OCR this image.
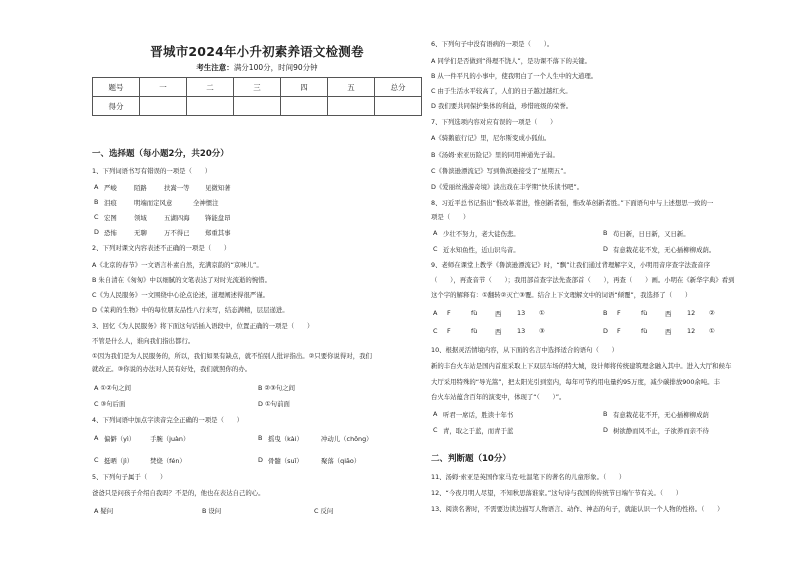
晋城市2024年小升初素养语文检测卷
考生注意：满分100分，时间90分钟
题号	一	二	三	四	五	总分
得分						
一、选择题（每小题2分，共20分）
1、下列词语书写有错误的一项是（　　）
A 严峻	陌路	扶嵩一等 见微知著
B 泪痕	明端而定风意	全神惯注
C 宏图	领域	五湖四海 锋能盘昂
D 恐怖	无聊	万不得已 郑重其事
2、下列对课文内容表述不正确的一项是（　　）
A《北京的春节》一文语言朴素自然，充满京韵的“京味儿”。
B 朱自清在《匆匆》中以细腻的文笔表达了对时光流逝的惋惜。
C《为人民服务》一文围绕中心论点论述，道理阐述得很严谨。
D《茉莉的生物》中的每位朋友品性八行来写，结态满精，层层递进。
3、回忆《为人民服务》将下面这句话插入语段中，位置正确的一项是（　　）
不管是什么人，谁向我们指出都行。
①因为我们是为人民服务的，所以，我们如果有缺点，就不怕别人批评指出。②只要你说得对，我们
就改正。③你说的办法对人民有好处，我们就照你的办。
A ①②句之间	B ②③句之间
C ③句后面	D ①句前面
4、下列词语中加点字读音完全正确的一项是（　　）
A 偏僻（yì） 手腕（juàn）	B 摇曳（kài）	冲动儿（chōng）
C 挺晒（jì）	焚烧（fén）	D 骨髓（suǐ）	聚落（qiāo）
5、下列句子属于（　　）
爸爸只是问孩子介绍自我吗？不是的，他也在表达自己的心。
A 疑问	B 设问	C 反问
6、下列句子中没有语病的一项是（　　）。
A 同学们是否做到“得理不饶人”，是功课不落下的关键。
B 从一件平凡的小事中，使我明白了一个人生中的大道理。
C 由于生活水平较高了，人们的日子越过越红火。
D 我们要共同保护集体的利益，珍惜班级的荣誉。
7、下列选项内容对应有误的一项是（　　）
A《骑鹅旅行记》里，尼尔斯变成小狐仙。
B《汤姆·索亚历险记》里的同用神通先子弱。
C《鲁滨逊漂流记》写到鲁滨逊接受了“星期五”。
D《爱丽丝漫游奇境》淡出戏在丰学期“快乐读书吧”。
8、习近平总书记指出“惟改革者进，惟创新者强，惟改革创新者胜。”下面语句中与上述想思一致的一
项是（　　）
A 少壮不努力，老大徒伤悲。	B 苟日新，日日新，又日新。
C 近水知鱼性，近山识鸟音。	D 有意栽花花不发，无心插柳柳成荫。
9、老师在课堂上教学《鲁滨逊漂流记》时，“飘”让我们通过背理解字义，小明用音序查字法查音序
（　　），再查音节（　　）；我用部首查字法先查部首（　　），再查（　　）画。小明在《新华字典》看到
这个字的解释有：①翻转②灭亡③覆。结合上下文理解文中的词语“倾覆”，我选择了（　　）
A F	fù	西 13 ①	B F	fù	西 12 ②
C F	fù	西 13 ③	D F	fù	西 12 ①
10、根据灵活情境内容，从下面的名言中选择适合的语句（　　）
新的丰台火车站是国内首座采取上下双层车场的特大城，设计师将传统建筑理念融入其中。进入大厅和候车
大厅采用特殊的“导光篙”，把太阳光引到室内，每年可节约用电量约95万度，减少碳排放900余吨。丰
台火车站蕴含百年的演变中，体现了“（　　）”。
A 听君一席话，胜读十年书	B 有意栽花花不开，无心插柳柳成荫
C 青，取之于蓝，而青于蓝	D 树欲静而风不止，子欲养而亲不待
二、判断题（10分）
11、汤姆·索亚是英国作家马克·吐温笔下的著名的儿童形象。（　　）
12、“今夜月明人尽望，不知秋思落谁家。”这句诗与我国的传统节日端午节有关。（　　）
13、阅读名著时，不需要边读边描写人物语言、动作、神态的句子，就能认识一个人物的性格。（　　）
